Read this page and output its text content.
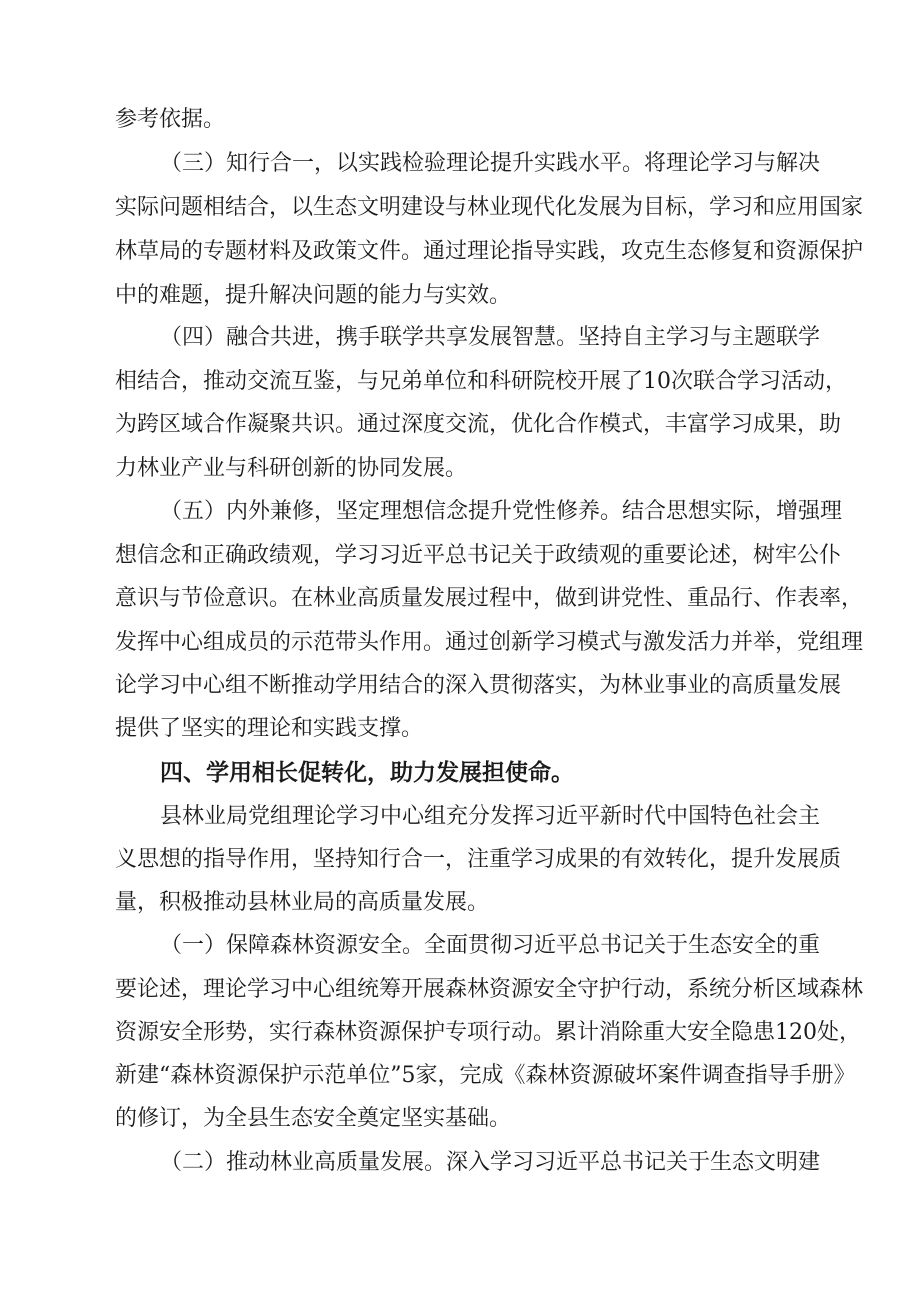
参考依据。
（三）知行合一，以实践检验理论提升实践水平。将理论学习与解决
实际问题相结合，以生态文明建设与林业现代化发展为目标，学习和应用国家
林草局的专题材料及政策文件。通过理论指导实践，攻克生态修复和资源保护
中的难题，提升解决问题的能力与实效。
（四）融合共进，携手联学共享发展智慧。坚持自主学习与主题联学
相结合，推动交流互鉴，与兄弟单位和科研院校开展了10次联合学习活动，
为跨区域合作凝聚共识。通过深度交流，优化合作模式，丰富学习成果，助
力林业产业与科研创新的协同发展。
（五）内外兼修，坚定理想信念提升党性修养。结合思想实际，增强理
想信念和正确政绩观，学习习近平总书记关于政绩观的重要论述，树牢公仆
意识与节俭意识。在林业高质量发展过程中，做到讲党性、重品行、作表率，
发挥中心组成员的示范带头作用。通过创新学习模式与激发活力并举，党组理
论学习中心组不断推动学用结合的深入贯彻落实，为林业事业的高质量发展
提供了坚实的理论和实践支撑。
四、学用相长促转化，助力发展担使命。
县林业局党组理论学习中心组充分发挥习近平新时代中国特色社会主
义思想的指导作用，坚持知行合一，注重学习成果的有效转化，提升发展质
量，积极推动县林业局的高质量发展。
（一）保障森林资源安全。全面贯彻习近平总书记关于生态安全的重
要论述，理论学习中心组统筹开展森林资源安全守护行动，系统分析区域森林
资源安全形势，实行森林资源保护专项行动。累计消除重大安全隐患120处，
新建“森林资源保护示范单位”5家，完成《森林资源破坏案件调查指导手册》
的修订，为全县生态安全奠定坚实基础。
（二）推动林业高质量发展。深入学习习近平总书记关于生态文明建
